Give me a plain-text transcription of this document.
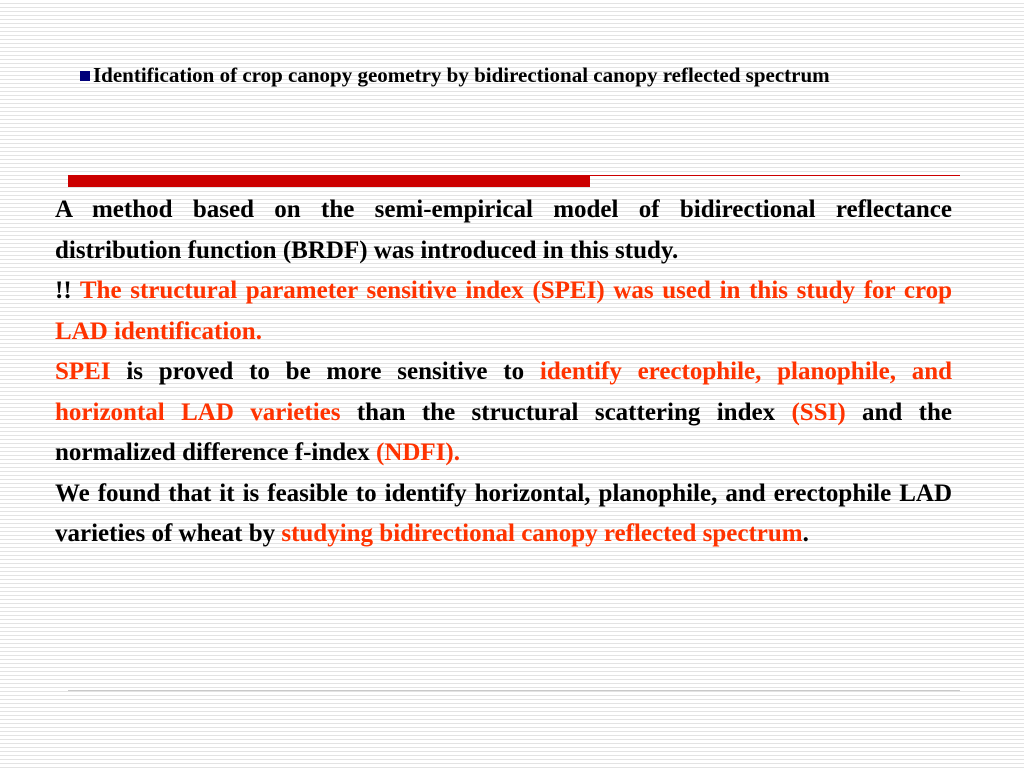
Identification of crop canopy geometry by bidirectional canopy reflected spectrum

A method based on the semi-empirical model of bidirectional reflectance distribution function (BRDF) was introduced in this study.

!! The structural parameter sensitive index (SPEI) was used in this study for crop LAD identification.

SPEI is proved to be more sensitive to identify erectophile, planophile, and horizontal LAD varieties than the structural scattering index (SSI) and the normalized difference f-index (NDFI).

We found that it is feasible to identify horizontal, planophile, and erectophile LAD varieties of wheat by studying bidirectional canopy reflected spectrum.
